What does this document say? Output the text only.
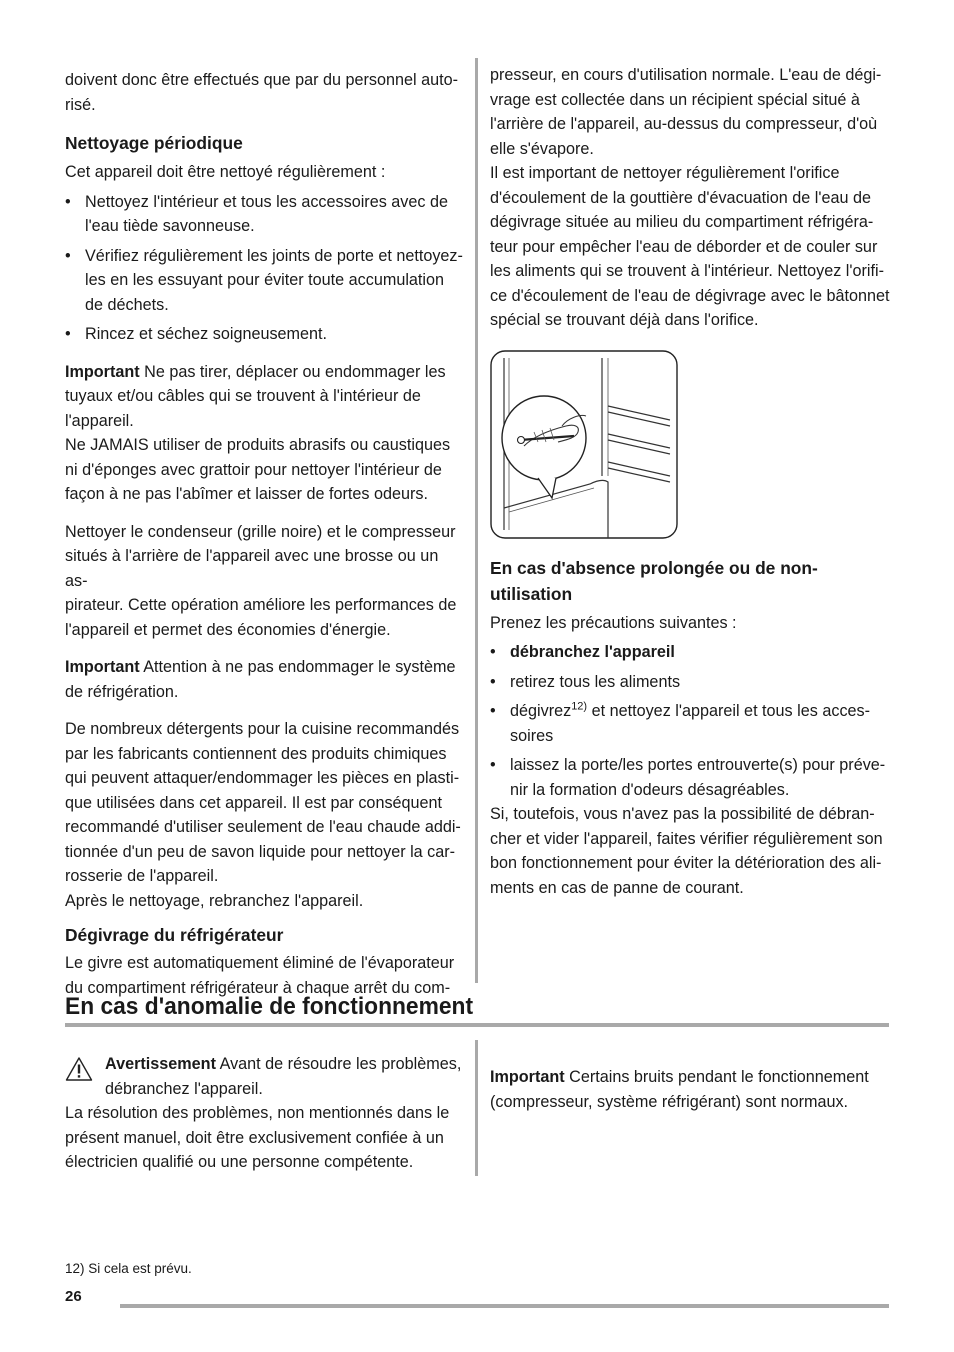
doivent donc être effectués que par du personnel auto-
risé.

Nettoyage périodique

Cet appareil doit être nettoyé régulièrement :

• Nettoyez l'intérieur et tous les accessoires avec de
l'eau tiède savonneuse.
• Vérifiez régulièrement les joints de porte et nettoyez-
les en les essuyant pour éviter toute accumulation
de déchets.
• Rincez et séchez soigneusement.

Important Ne pas tirer, déplacer ou endommager les
tuyaux et/ou câbles qui se trouvent à l'intérieur de
l'appareil.
Ne JAMAIS utiliser de produits abrasifs ou caustiques
ni d'éponges avec grattoir pour nettoyer l'intérieur de
façon à ne pas l'abîmer et laisser de fortes odeurs.

Nettoyer le condenseur (grille noire) et le compresseur
situés à l'arrière de l'appareil avec une brosse ou un as-
pirateur. Cette opération améliore les performances de
l'appareil et permet des économies d'énergie.

Important Attention à ne pas endommager le système
de réfrigération.

De nombreux détergents pour la cuisine recommandés
par les fabricants contiennent des produits chimiques
qui peuvent attaquer/endommager les pièces en plasti-
que utilisées dans cet appareil. Il est par conséquent
recommandé d'utiliser seulement de l'eau chaude addi-
tionnée d'un peu de savon liquide pour nettoyer la car-
rosserie de l'appareil.
Après le nettoyage, rebranchez l'appareil.

Dégivrage du réfrigérateur

Le givre est automatiquement éliminé de l'évaporateur
du compartiment réfrigérateur à chaque arrêt du com-

presseur, en cours d'utilisation normale. L'eau de dégi-
vrage est collectée dans un récipient spécial situé à
l'arrière de l'appareil, au-dessus du compresseur, d'où
elle s'évapore.
Il est important de nettoyer régulièrement l'orifice
d'écoulement de la gouttière d'évacuation de l'eau de
dégivrage située au milieu du compartiment réfrigéra-
teur pour empêcher l'eau de déborder et de couler sur
les aliments qui se trouvent à l'intérieur. Nettoyez l'orifi-
ce d'écoulement de l'eau de dégivrage avec le bâtonnet
spécial se trouvant déjà dans l'orifice.

En cas d'absence prolongée ou de non-
utilisation

Prenez les précautions suivantes :

• débranchez l'appareil
• retirez tous les aliments
• dégivrez$^{12)}$ et nettoyez l'appareil et tous les acces-
soires
• laissez la porte/les portes entrouverte(s) pour préve-
nir la formation d'odeurs désagréables.

Si, toutefois, vous n'avez pas la possibilité de débran-
cher et vider l'appareil, faites vérifier régulièrement son
bon fonctionnement pour éviter la détérioration des ali-
ments en cas de panne de courant.

En cas d'anomalie de fonctionnement

Avertissement Avant de résoudre les problèmes,
débranchez l'appareil.

La résolution des problèmes, non mentionnés dans le
présent manuel, doit être exclusivement confiée à un
électricien qualifié ou une personne compétente.

Important Certains bruits pendant le fonctionnement
(compresseur, système réfrigérant) sont normaux.

12) Si cela est prévu.
26
